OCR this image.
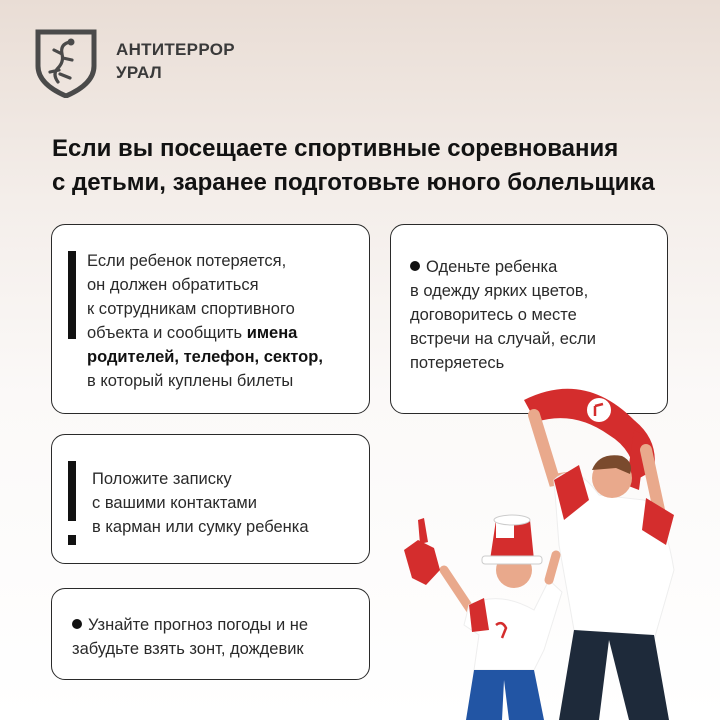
АНТИТЕРРОР
УРАЛ
Если вы посещаете спортивные соревнования
с детьми, заранее подготовьте юного болельщика
Если ребенок потеряется,
он должен обратиться
к сотрудникам спортивного
объекта и сообщить имена
родителей, телефон, сектор,
в который куплены билеты
Оденьте ребенка
в одежду ярких цветов,
договоритесь о месте
встречи на случай, если
потеряетесь
Положите записку
с вашими контактами
в карман или сумку ребенка
Узнайте прогноз погоды и не
забудьте взять зонт, дождевик
